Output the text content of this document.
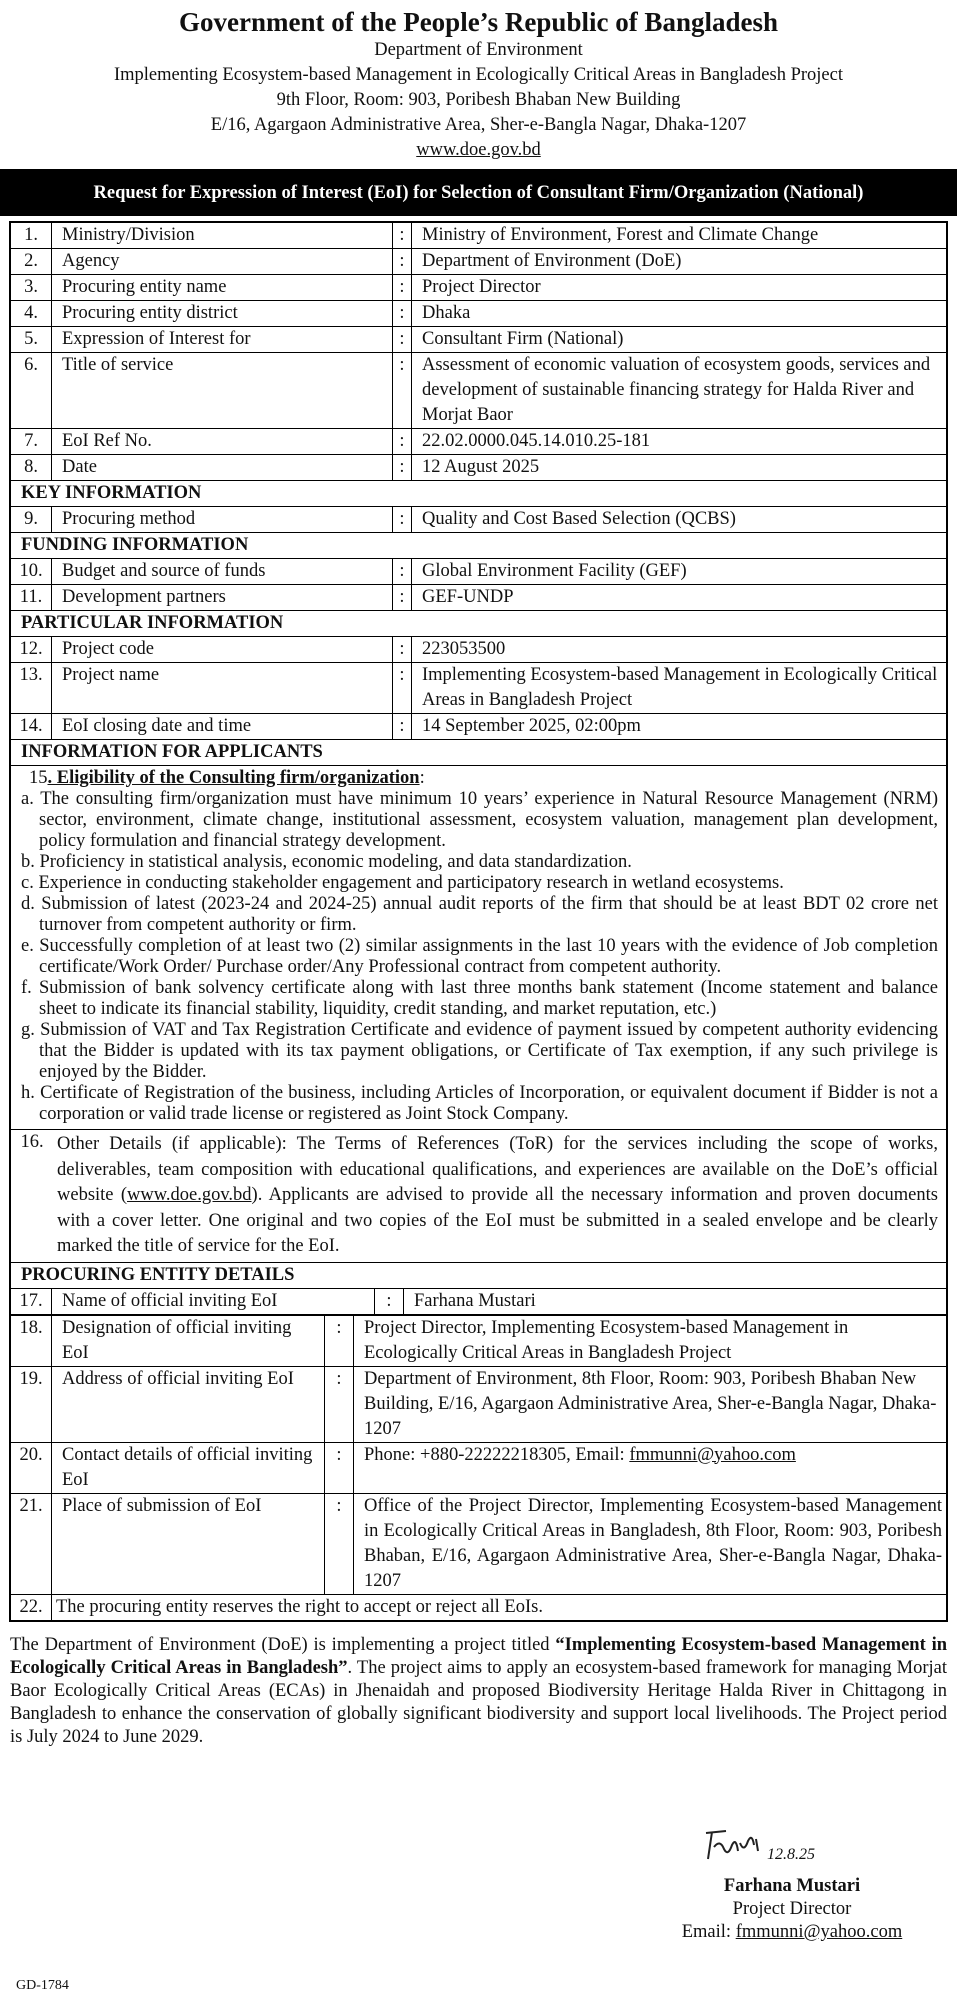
Government of the People’s Republic of Bangladesh
Department of Environment
Implementing Ecosystem-based Management in Ecologically Critical Areas in Bangladesh Project
9th Floor, Room: 903, Poribesh Bhaban New Building
E/16, Agargaon Administrative Area, Sher-e-Bangla Nagar, Dhaka-1207
www.doe.gov.bd
Request for Expression of Interest (EoI) for Selection of Consultant Firm/Organization (National)
1.	Ministry/Division	:	Ministry of Environment, Forest and Climate Change
2.	Agency	:	Department of Environment (DoE)
3.	Procuring entity name	:	Project Director
4.	Procuring entity district	:	Dhaka
5.	Expression of Interest for	:	Consultant Firm (National)
6.	Title of service	:	Assessment of economic valuation of ecosystem goods, services and development of sustainable financing strategy for Halda River and Morjat Baor
7.	EoI Ref No.	:	22.02.0000.045.14.010.25-181
8.	Date	:	12 August 2025
KEY INFORMATION			
9.	Procuring method	:	Quality and Cost Based Selection (QCBS)
FUNDING INFORMATION			
10.	Budget and source of funds	:	Global Environment Facility (GEF)
11.	Development partners	:	GEF-UNDP
PARTICULAR INFORMATION			
12.	Project code	:	223053500
13.	Project name	:	Implementing Ecosystem-based Management in Ecologically Critical Areas in Bangladesh Project
14.	EoI closing date and time	:	14 September 2025, 02:00pm
INFORMATION FOR APPLICANTS			
15. Eligibility of the Consulting firm/organization:

a. The consulting firm/organization must have minimum 10 years’ experience in Natural Resource Management (NRM) sector, environment, climate change, institutional assessment, ecosystem valuation, management plan development, policy formulation and financial strategy development.

b. Proficiency in statistical analysis, economic modeling, and data standardization.

c. Experience in conducting stakeholder engagement and participatory research in wetland ecosystems.

d. Submission of latest (2023-24 and 2024-25) annual audit reports of the firm that should be at least BDT 02 crore net turnover from competent authority or firm.

e. Successfully completion of at least two (2) similar assignments in the last 10 years with the evidence of Job completion certificate/Work Order/ Purchase order/Any Professional contract from competent authority.

f. Submission of bank solvency certificate along with last three months bank statement (Income statement and balance sheet to indicate its financial stability, liquidity, credit standing, and market reputation, etc.)

g. Submission of VAT and Tax Registration Certificate and evidence of payment issued by competent authority evidencing that the Bidder is updated with its tax payment obligations, or Certificate of Tax exemption, if any such privilege is enjoyed by the Bidder.

h. Certificate of Registration of the business, including Articles of Incorporation, or equivalent document if Bidder is not a corporation or valid trade license or registered as Joint Stock Company.

16. Other Details (if applicable): The Terms of References (ToR) for the services including the scope of works, deliverables, team composition with educational qualifications, and experiences are available on the DoE’s official website (www.doe.gov.bd). Applicants are advised to provide all the necessary information and proven documents with a cover letter. One original and two copies of the EoI must be submitted in a sealed envelope and be clearly marked the title of service for the EoI.
PROCURING ENTITY DETAILS
17.	Name of official inviting EoI	:	Farhana Mustari
18.	Designation of official inviting EoI	:	Project Director, Implementing Ecosystem-based Management in Ecologically Critical Areas in Bangladesh Project
19.	Address of official inviting EoI	:	Department of Environment, 8th Floor, Room: 903, Poribesh Bhaban New Building, E/16, Agargaon Administrative Area, Sher-e-Bangla Nagar, Dhaka-1207
20.	Contact details of official inviting EoI	:	Phone: +880-22222218305, Email: fmmunni@yahoo.com
21.	Place of submission of EoI	:	Office of the Project Director, Implementing Ecosystem-based Management in Ecologically Critical Areas in Bangladesh, 8th Floor, Room: 903, Poribesh Bhaban, E/16, Agargaon Administrative Area, Sher-e-Bangla Nagar, Dhaka-1207
22.	The procuring entity reserves the right to accept or reject all EoIs.		
The Department of Environment (DoE) is implementing a project titled “Implementing Ecosystem-based Management in Ecologically Critical Areas in Bangladesh”. The project aims to apply an ecosystem-based framework for managing Morjat Baor Ecologically Critical Areas (ECAs) in Jhenaidah and proposed Biodiversity Heritage Halda River in Chittagong in Bangladesh to enhance the conservation of globally significant biodiversity and support local livelihoods. The Project period is July 2024 to June 2029.
12.8.25
Farhana Mustari
Project Director
Email: fmmunni@yahoo.com
GD-1784
